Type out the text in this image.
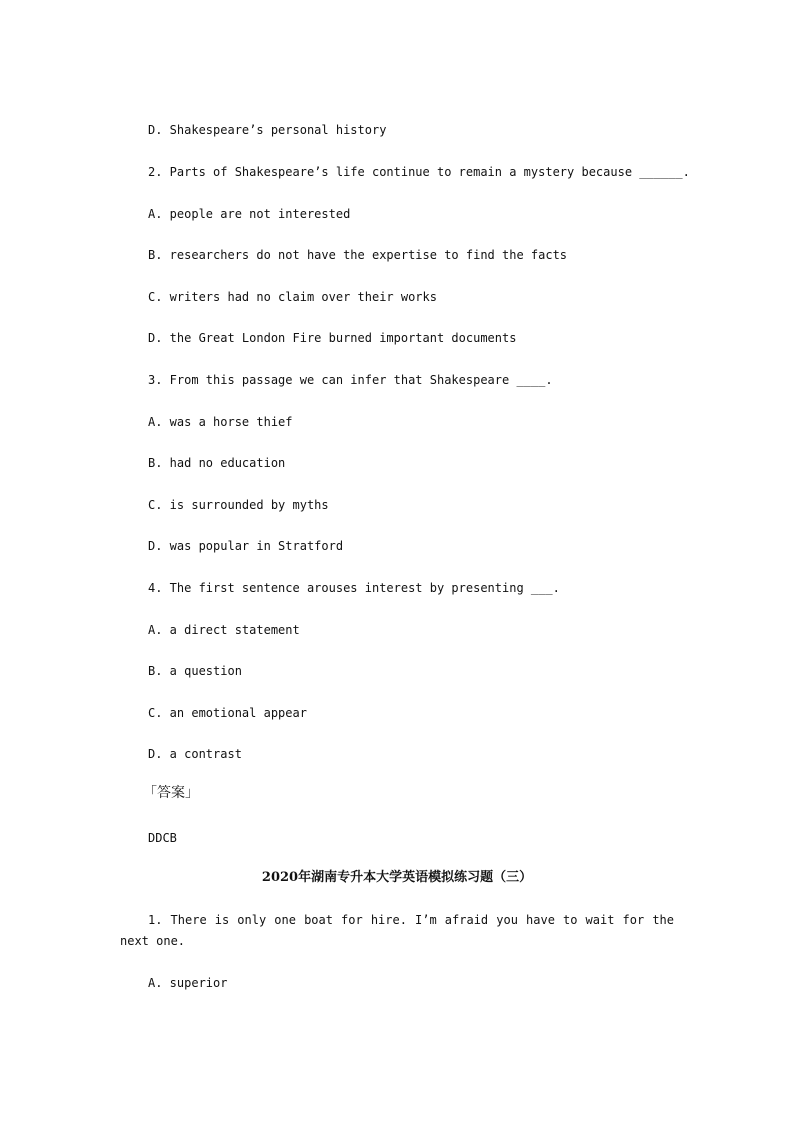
D. Shakespeare’s personal history
2. Parts of Shakespeare’s life continue to remain a mystery because ______.
A. people are not interested
B. researchers do not have the expertise to find the facts
C. writers had no claim over their works
D. the Great London Fire burned important documents
3. From this passage we can infer that Shakespeare ____.
A. was a horse thief
B. had no education
C. is surrounded by myths
D. was popular in Stratford
4. The first sentence arouses interest by presenting ___.
A. a direct statement
B. a question
C. an emotional appear
D. a contrast
「答案」
DDCB
2020年湖南专升本大学英语模拟练习题（三）
1. There is only one boat for hire. I’m afraid you have to wait for the next one.
A. superior
